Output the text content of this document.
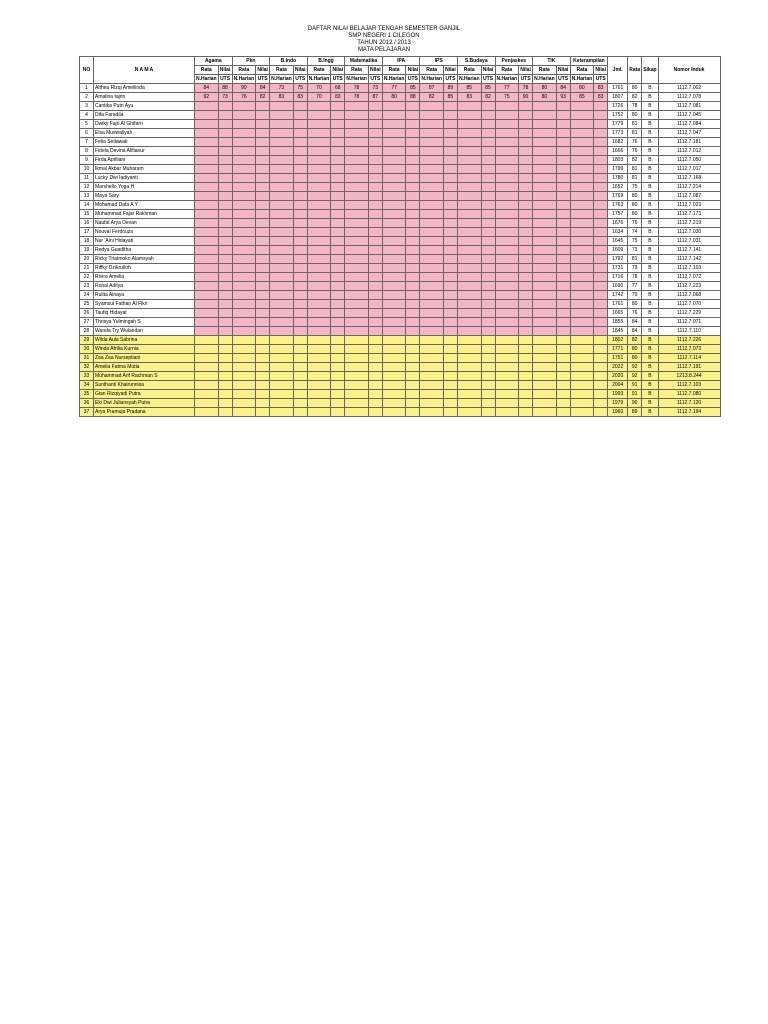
DAFTAR NILAI BELAJAR TENGAH SEMESTER GANJIL
SMP NEGERI 1 CILEGON
TAHUN 2012 / 2013
MATA PELAJARAN
NO	N A M A	Agama		Pkn		B.Indo		B.Ingg		Matematika		IPA		IPS		S.Budaya		Penjaskes		TIK		Keterampilan		Jml.	Rata	Sikap	Nomor Induk
		Rata	Nilai	Rata	Nilai	Rata	Nilai	Rata	Nilai	Rata	Nilai	Rata	Nilai	Rata	Nilai	Rata	Nilai	Rata	Nilai	Rata	Nilai	Rata	Nilai				
		N.Harian	UTS	N.Harian	UTS	N.Harian	UTS	N.Harian	UTS	N.Harian	UTS	N.Harian	UTS	N.Harian	UTS	N.Harian	UTS	N.Harian	UTS	N.Harian	UTS	N.Harian	UTS				
1	Althea Rizqi Ameilinda	84	88	90	84	73	75	70	68	78	73	77	85	87	89	85	85	77	78	80	84	80	83	1761	80	B	1112.7.002
2	Amalina tajrin	92	73	76	82	83	83	70	83	78	87	80	88	82	85	83	82	75	90	80	93	85	83	1807	82	B	1112.7.078
3	Cantika Putri Ayu																							1726	78	B	1112.7.081
4	Difa Faradila																							1752	80	B	1112.7.045
5	Dwiky Fajri Al Ghifarri																							1779	81	B	1112.7.084
6	Elsa Muswaliyah																							1773	81	B	1112.7.047
7	Felia Setiawati																							1682	76	B	1112.7.181
8	Fidela Devina Alifianur																							1666	76	B	1112.7.012
9	Firda Apriliani																							1803	82	B	1112.7.050
10	Ikmal Akbar Muharam																							1799	81	B	1112.7.017
11	Lucky Dwi Iadiyanti																							1780	81	B	1112.7.168
12	Marshello Yoga H																							1652	75	B	1112.7.214
13	Maya Sary																							1769	80	B	1112.7.087
14	Mohamad Dafa A Y																							1763	80	B	1112.7.023
15	Muhammad Fajar Rakhman																							1757	80	B	1112.7.173
16	Naufal Arya Devan																							1676	76	B	1112.7.219
17	Nouval Ferdouza																							1634	74	B	1112.7.030
18	Nur 'Aini Hidayati																							1645	75	B	1112.7.031
19	Redya Guaditha																							1609	73	B	1112.7.141
20	Ricky Triatmoko Alamsyah																							1792	81	B	1112.7.142
21	Riffky Dzikrulloh																							1731	79	B	1112.7.103
22	Rivira Amelia																							1716	78	B	1112.7.072
23	Ronal Aditya																							1690	77	B	1112.7.223
24	Rulita Ainaya																							1742	79	B	1112.7.068
25	Syamsul Fathan Al Fikri																							1761	80	B	1112.7.070
26	Taufiq Hidayat																							1665	76	B	1112.7.229
27	Thrisya Yulmingah S																							1855	84	B	1112.7.071
28	Wanda Try Wulandari																							1845	84	B	1112.7.110
29	Wilda Aula Sabrina																							1802	82	B	1112.7.226
30	Winda Afrilia Kurnia																							1771	80	B	1112.7.073
31	Zaa Zaa Nurseptiani																							1751	80	B	1112.7.114
32	Amelia Fatma Mutia																							2022	92	B	1112.7.191
33	Muhammad Arif Rachman S																							2020	92	B	1213.8.244
34	Sunthanti Khairunnisa																							2004	91	B	1112.7.103
35	Gian Rizqiyadi Putra																							1993	91	B	1112.7.080
36	Eki Dwi Juliansyah Putra																							1979	90	B	1112.7.120
37	Arya Pramuja Pradana																							1960	89	B	1112.7.194
